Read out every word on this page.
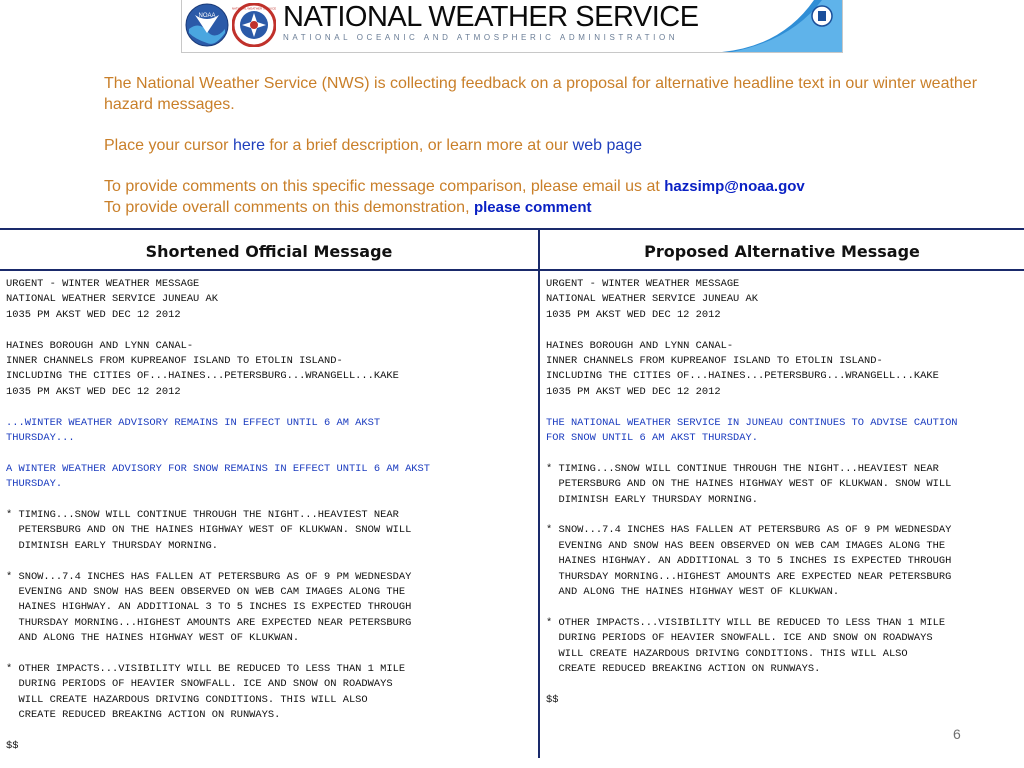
NOAA
NATIONAL WEATHER SERVICE NATIONAL WEATHER SERVICE
NATIONAL OCEANIC AND ATMOSPHERIC ADMINISTRATION

The National Weather Service (NWS) is collecting feedback on a proposal for alternative headline text in our winter weather hazard messages.

Place your cursor here for a brief description, or learn more at our web page

To provide comments on this specific message comparison, please email us at hazsimp@noaa.gov
To provide overall comments on this demonstration, please comment

Shortened Official Message
URGENT - WINTER WEATHER MESSAGE
NATIONAL WEATHER SERVICE JUNEAU AK
1035 PM AKST WED DEC 12 2012
HAINES BOROUGH AND LYNN CANAL-
INNER CHANNELS FROM KUPREANOF ISLAND TO ETOLIN ISLAND-
INCLUDING THE CITIES OF...HAINES...PETERSBURG...WRANGELL...KAKE
1035 PM AKST WED DEC 12 2012
...WINTER WEATHER ADVISORY REMAINS IN EFFECT UNTIL 6 AM AKST
THURSDAY...
A WINTER WEATHER ADVISORY FOR SNOW REMAINS IN EFFECT UNTIL 6 AM AKST
THURSDAY.
* TIMING...SNOW WILL CONTINUE THROUGH THE NIGHT...HEAVIEST NEAR
PETERSBURG AND ON THE HAINES HIGHWAY WEST OF KLUKWAN. SNOW WILL
DIMINISH EARLY THURSDAY MORNING.
* SNOW...7.4 INCHES HAS FALLEN AT PETERSBURG AS OF 9 PM WEDNESDAY
EVENING AND SNOW HAS BEEN OBSERVED ON WEB CAM IMAGES ALONG THE
HAINES HIGHWAY. AN ADDITIONAL 3 TO 5 INCHES IS EXPECTED THROUGH
THURSDAY MORNING...HIGHEST AMOUNTS ARE EXPECTED NEAR PETERSBURG
AND ALONG THE HAINES HIGHWAY WEST OF KLUKWAN.
* OTHER IMPACTS...VISIBILITY WILL BE REDUCED TO LESS THAN 1 MILE
DURING PERIODS OF HEAVIER SNOWFALL. ICE AND SNOW ON ROADWAYS
WILL CREATE HAZARDOUS DRIVING CONDITIONS. THIS WILL ALSO
CREATE REDUCED BREAKING ACTION ON RUNWAYS.
$$
Proposed Alternative Message
URGENT - WINTER WEATHER MESSAGE
NATIONAL WEATHER SERVICE JUNEAU AK
1035 PM AKST WED DEC 12 2012
HAINES BOROUGH AND LYNN CANAL-
INNER CHANNELS FROM KUPREANOF ISLAND TO ETOLIN ISLAND-
INCLUDING THE CITIES OF...HAINES...PETERSBURG...WRANGELL...KAKE
1035 PM AKST WED DEC 12 2012
THE NATIONAL WEATHER SERVICE IN JUNEAU CONTINUES TO ADVISE CAUTION
FOR SNOW UNTIL 6 AM AKST THURSDAY.
* TIMING...SNOW WILL CONTINUE THROUGH THE NIGHT...HEAVIEST NEAR
PETERSBURG AND ON THE HAINES HIGHWAY WEST OF KLUKWAN. SNOW WILL
DIMINISH EARLY THURSDAY MORNING.
* SNOW...7.4 INCHES HAS FALLEN AT PETERSBURG AS OF 9 PM WEDNESDAY
EVENING AND SNOW HAS BEEN OBSERVED ON WEB CAM IMAGES ALONG THE
HAINES HIGHWAY. AN ADDITIONAL 3 TO 5 INCHES IS EXPECTED THROUGH
THURSDAY MORNING...HIGHEST AMOUNTS ARE EXPECTED NEAR PETERSBURG
AND ALONG THE HAINES HIGHWAY WEST OF KLUKWAN.
* OTHER IMPACTS...VISIBILITY WILL BE REDUCED TO LESS THAN 1 MILE
DURING PERIODS OF HEAVIER SNOWFALL. ICE AND SNOW ON ROADWAYS
WILL CREATE HAZARDOUS DRIVING CONDITIONS. THIS WILL ALSO
CREATE REDUCED BREAKING ACTION ON RUNWAYS.
$$
6
